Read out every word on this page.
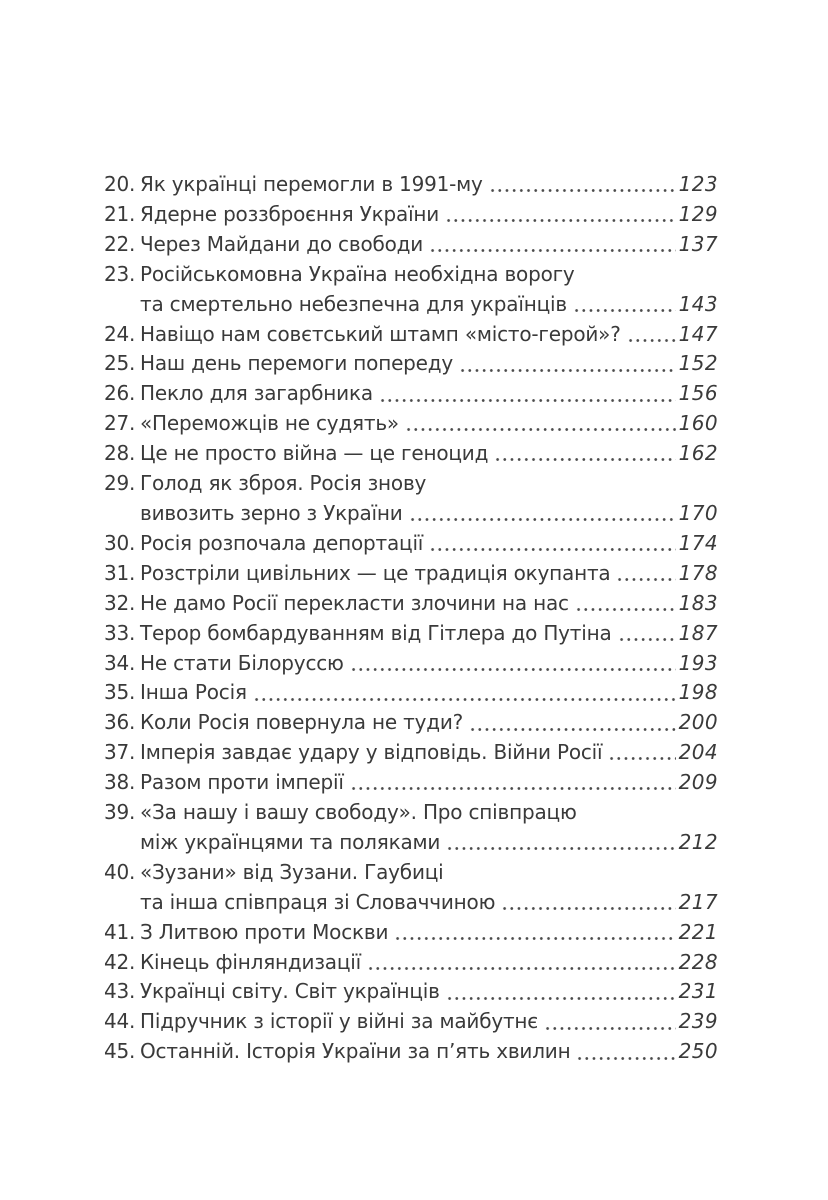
20. Як українці перемогли в 1991-му	123
21. Ядерне роззброєння України	129
22. Через Майдани до свободи	137
23. Російськомовна Україна необхідна ворогу
та смертельно небезпечна для українців	143
24. Навіщо нам совєтський штамп «місто-герой»?	147
25. Наш день перемоги попереду	152
26. Пекло для загарбника	156
27. «Переможців не судять»	160
28. Це не просто війна — це геноцид	162
29. Голод як зброя. Росія знову
вивозить зерно з України	170
30. Росія розпочала депортації	174
31. Розстріли цивільних — це традиція окупанта	178
32. Не дамо Росії перекласти злочини на нас	183
33. Терор бомбардуванням від Гітлера до Путіна	187
34. Не стати Білоруссю	193
35. Інша Росія	198
36. Коли Росія повернула не туди?	200
37. Імперія завдає удару у відповідь. Війни Росії	204
38. Разом проти імперії	209
39. «За нашу і вашу свободу». Про співпрацю
між українцями та поляками	212
40. «Зузани» від Зузани. Гаубиці
та інша співпраця зі Словаччиною	217
41. З Литвою проти Москви	221
42. Кінець фінляндизації	228
43. Українці світу. Світ українців	231
44. Підручник з історії у війні за майбутнє	239
45. Останній. Історія України за п’ять хвилин	250
